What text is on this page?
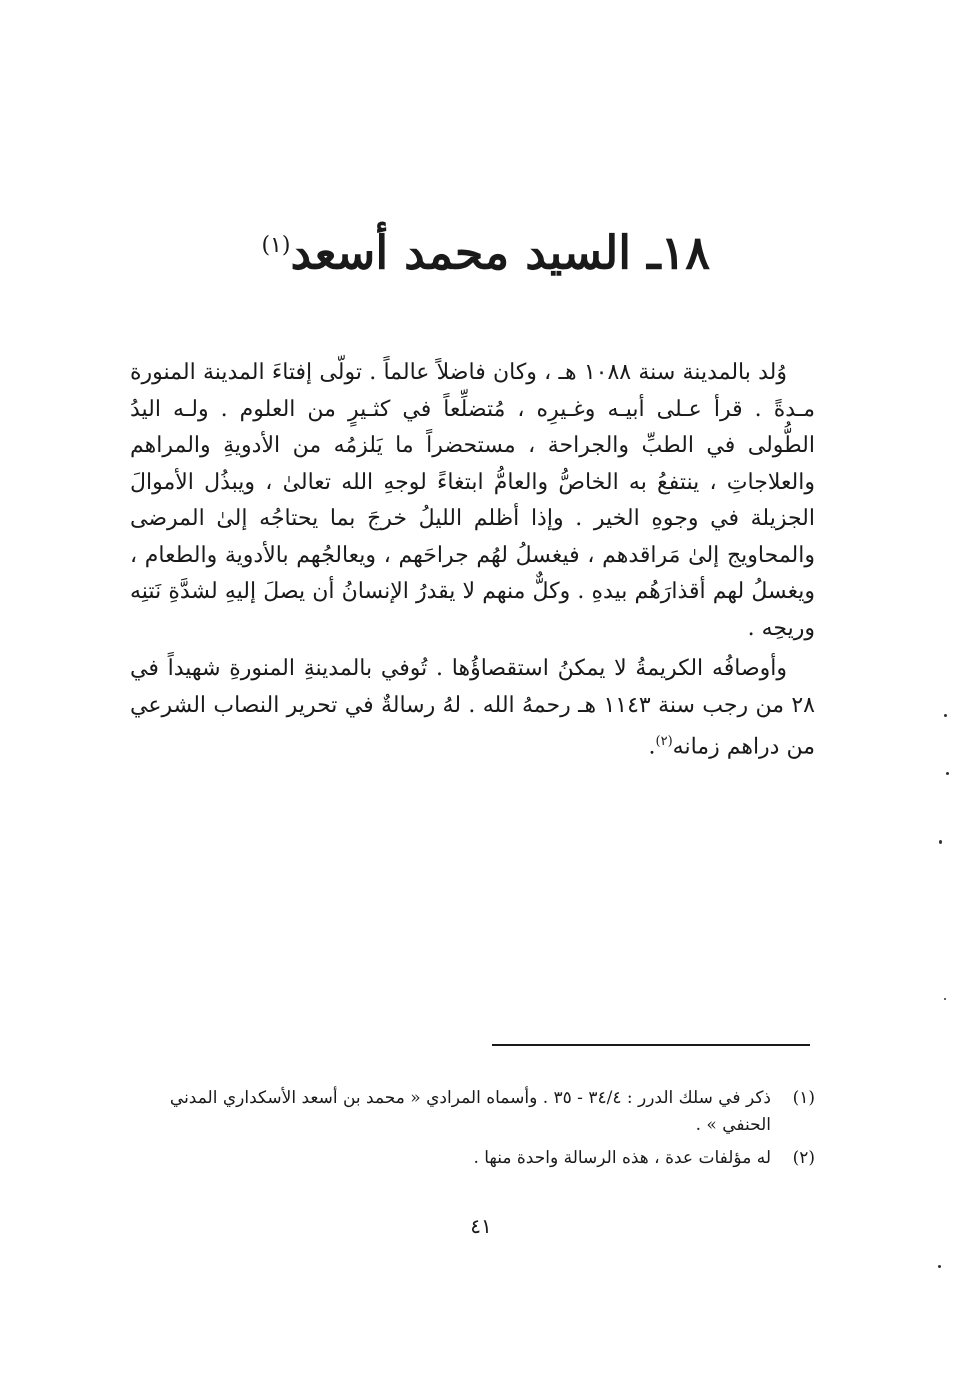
١٨ـ السيد محمد أسعد$^{(١)}$

وُلد بالمدينة سنة ١٠٨٨ هـ ، وكان فاضلاً عالماً . تولّى إفتاءَ المدينة المنورة مـدةً . قرأ عـلى أبيـه وغـيرِه ، مُتضلِّعاً في كثـيرٍ من العلوم . ولـه اليدُ الطُّولى في الطبِّ والجراحة ، مستحضراً ما يَلزمُه من الأدويةِ والمراهم والعلاجاتِ ، ينتفعُ به الخاصُّ والعامُّ ابتغاءً لوجهِ الله تعالىٰ ، ويبذُل الأموالَ الجزيلة في وجوهِ الخير . وإذا أظلم الليلُ خرجَ بما يحتاجُه إلىٰ المرضى والمحاويج إلىٰ مَراقدهم ، فيغسلُ لهُم جراحَهم ، ويعالجُهم بالأدوية والطعام ، ويغسلُ لهم أقذارَهُم بيدهِ . وكلٌّ منهم لا يقدرُ الإنسانُ أن يصلَ إليهِ لشدَّةِ نَتنِه وريحِه .

وأوصافُه الكريمةُ لا يمكنُ استقصاؤُها . تُوفي بالمدينةِ المنورةِ شهيداً في ٢٨ من رجب سنة ١١٤٣ هـ رحمهُ الله . لهُ رسالةٌ في تحرير النصاب الشرعي من دراهم زمانه$^{(٢)}$.

(١)
ذكر في سلك الدرر : ٣٤/٤ - ٣٥ . وأسماه المرادي « محمد بن أسعد الأسكداري المدني الحنفي » .
(٢)
له مؤلفات عدة ، هذه الرسالة واحدة منها .
٤١
